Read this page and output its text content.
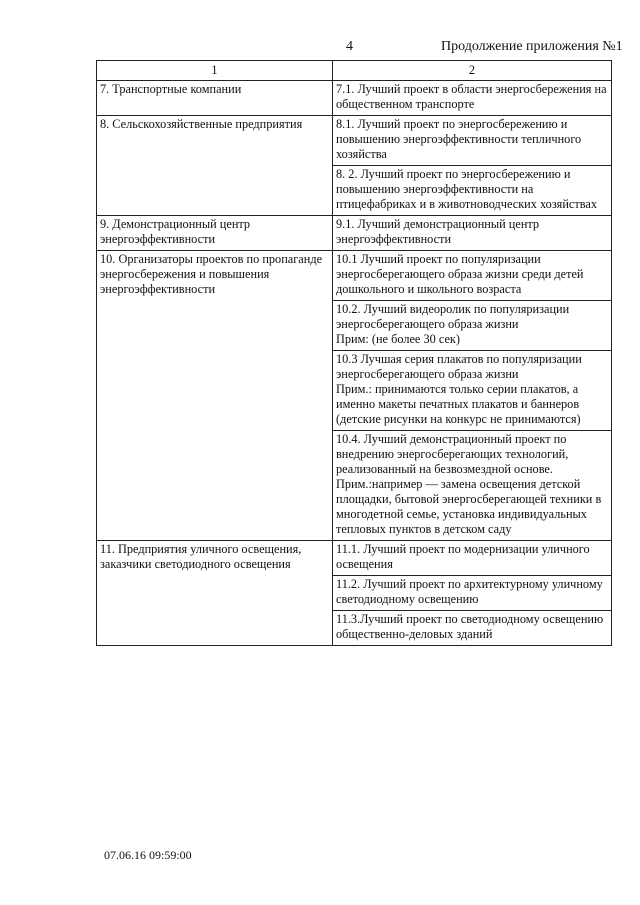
4	Продолжение приложения №1
1	2
7. Транспортные компании	7.1. Лучший проект в области энергосбережения на общественном транспорте
8. Сельскохозяйственные предприятия	8.1. Лучший проект по энергосбережению и повышению энергоэффективности тепличного хозяйства
	8. 2. Лучший проект по энергосбережению и повышению энергоэффективности на птицефабриках и в животноводческих хозяйствах
9. Демонстрационный центр энергоэффективности	9.1. Лучший демонстрационный центр энергоэффективности
10. Организаторы проектов по пропаганде энергосбережения и повышения энергоэффективности	10.1 Лучший проект по популяризации энергосберегающего образа жизни среди детей дошкольного и школьного возраста
	10.2. Лучший видеоролик по популяризации энергосберегающего образа жизни
Прим: (не более 30 сек)
	10.3 Лучшая серия плакатов по популяризации энергосберегающего образа жизни
Прим.: принимаются только серии плакатов, а именно макеты печатных плакатов и баннеров (детские рисунки на конкурс не принимаются)
	10.4. Лучший демонстрационный проект по внедрению энергосберегающих технологий, реализованный на безвозмездной основе.
Прим.:например — замена освещения детской площадки, бытовой энергосберегающей техники в многодетной семье, установка индивидуальных тепловых пунктов в детском саду
11. Предприятия уличного освещения, заказчики светодиодного освещения	11.1. Лучший проект по модернизации уличного освещения
	11.2. Лучший проект по архитектурному уличному светодиодному освещению
	11.3.Лучший проект по светодиодному освещению общественно-деловых зданий
07.06.16 09:59:00
